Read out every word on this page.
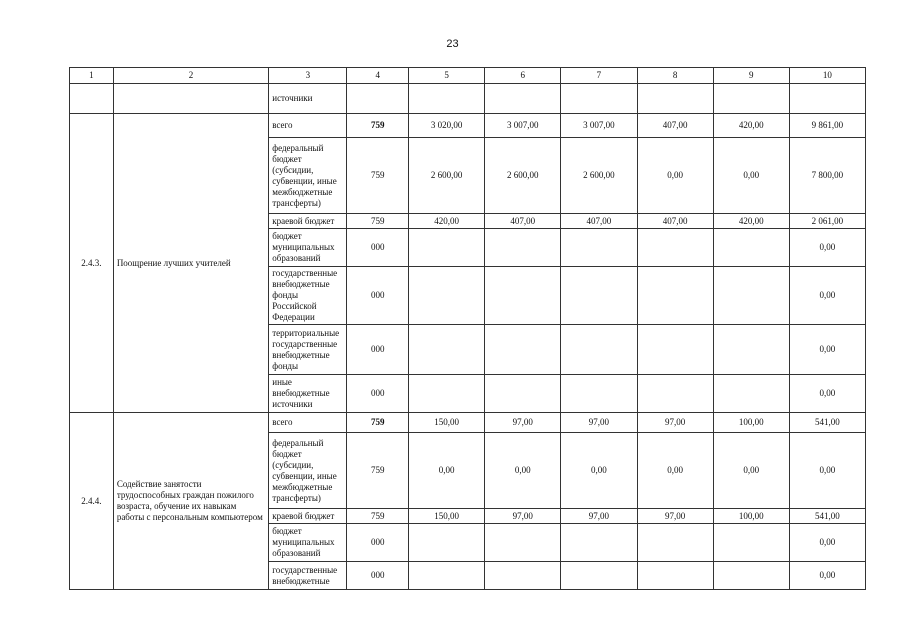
23
1	2	3	4	5	6	7	8	9	10
		источники							
2.4.3.	Поощрение лучших учителей	всего	759	3 020,00	3 007,00	3 007,00	407,00	420,00	9 861,00
		федеральный бюджет (субсидии, субвенции, иные межбюджетные трансферты)	759	2 600,00	2 600,00	2 600,00	0,00	0,00	7 800,00
		краевой бюджет	759	420,00	407,00	407,00	407,00	420,00	2 061,00
		бюджет муниципальных образований	000						0,00
		государственные внебюджетные фонды Российской Федерации	000						0,00
		территориальные государственные внебюджетные фонды	000						0,00
		иные внебюджетные источники	000						0,00
2.4.4.	Содействие занятости трудоспособных граждан пожилого возраста, обучение их навыкам работы с персональным компьютером	всего	759	150,00	97,00	97,00	97,00	100,00	541,00
		федеральный бюджет (субсидии, субвенции, иные межбюджетные трансферты)	759	0,00	0,00	0,00	0,00	0,00	0,00
		краевой бюджет	759	150,00	97,00	97,00	97,00	100,00	541,00
		бюджет муниципальных образований	000						0,00
		государственные внебюджетные	000						0,00
